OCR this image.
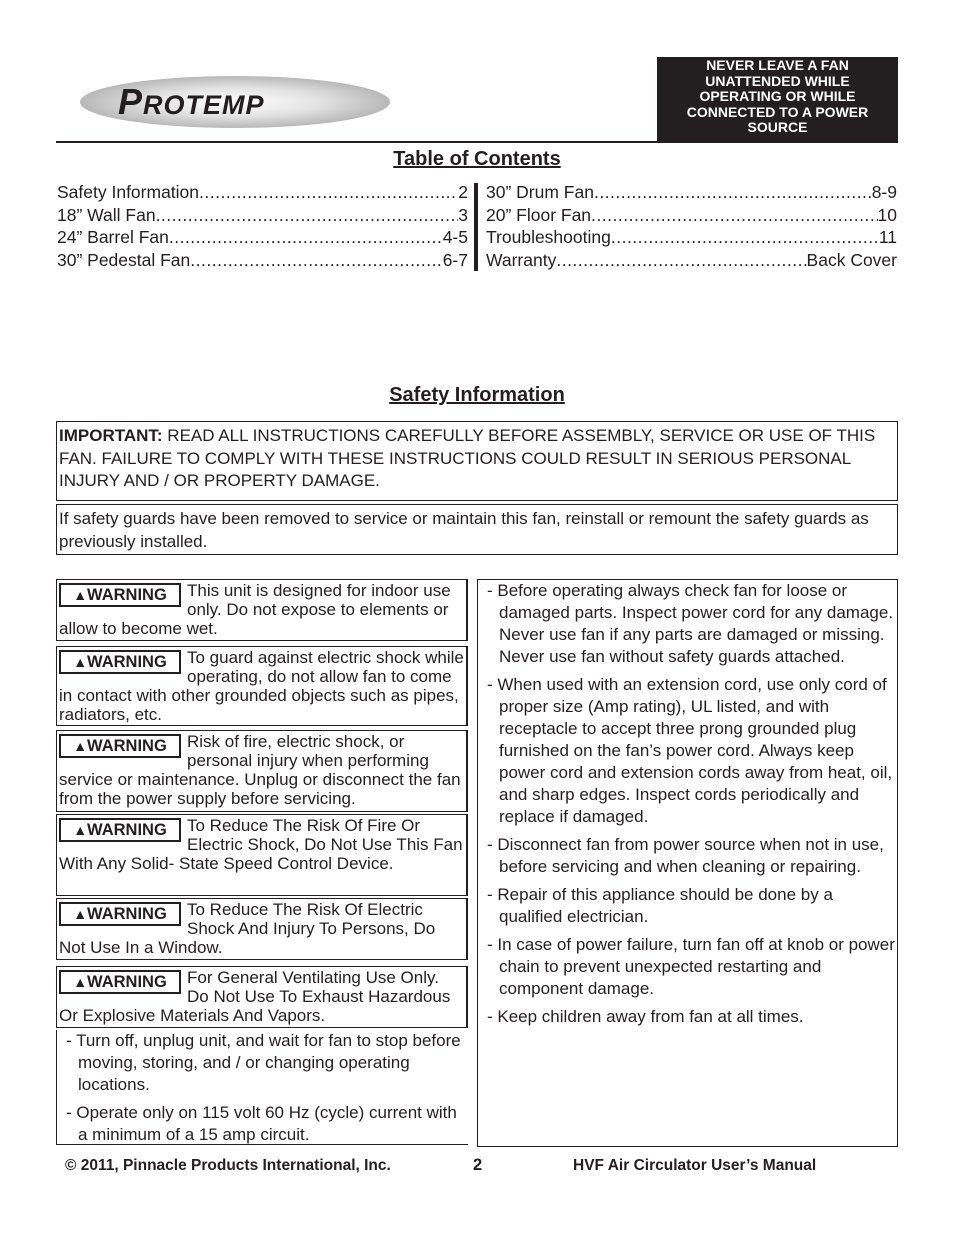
PROTEMP
NEVER LEAVE A FAN
UNATTENDED WHILE
OPERATING OR WHILE
CONNECTED TO A POWER
SOURCE
Table of Contents
Safety Information .....	2
18” Wall Fan .....	3
24” Barrel Fan .....	4-5
30” Pedestal Fan .....	6-7
30” Drum Fan .....	8-9
20” Floor Fan .....	10
Troubleshooting .....	11
Warranty .....	Back Cover
Safety Information
IMPORTANT: READ ALL INSTRUCTIONS CAREFULLY BEFORE ASSEMBLY, SERVICE OR USE OF THIS FAN. FAILURE TO COMPLY WITH THESE INSTRUCTIONS COULD RESULT IN SERIOUS PERSONAL INJURY AND / OR PROPERTY DAMAGE.
If safety guards have been removed to service or maintain this fan, reinstall or remount the safety guards as previously installed.
▲WARNING	This unit is designed for indoor use only. Do not expose to elements or allow to become wet.
▲WARNING	To guard against electric shock while operating, do not allow fan to come in contact with other grounded objects such as pipes, radiators, etc.
▲WARNING	Risk of fire, electric shock, or personal injury when performing service or maintenance. Unplug or disconnect the fan from the power supply before servicing.
▲WARNING	To Reduce The Risk Of Fire Or Electric Shock, Do Not Use This Fan With Any Solid- State Speed Control Device.
▲WARNING	To Reduce The Risk Of Electric Shock And Injury To Persons, Do Not Use In a Window.
▲WARNING	For General Ventilating Use Only. Do Not Use To Exhaust Hazardous Or Explosive Materials And Vapors.
- Turn off, unplug unit, and wait for fan to stop before moving, storing, and / or changing operating locations.
- Operate only on 115 volt 60 Hz (cycle) current with a minimum of a 15 amp circuit.
- Before operating always check fan for loose or damaged parts. Inspect power cord for any damage. Never use fan if any parts are damaged or missing. Never use fan without safety guards attached.
- When used with an extension cord, use only cord of proper size (Amp rating), UL listed, and with receptacle to accept three prong grounded plug furnished on the fan’s power cord. Always keep power cord and extension cords away from heat, oil, and sharp edges. Inspect cords periodically and replace if damaged.
- Disconnect fan from power source when not in use, before servicing and when cleaning or repairing.
- Repair of this appliance should be done by a qualified electrician.
- In case of power failure, turn fan off at knob or power chain to prevent unexpected restarting and component damage.
- Keep children away from fan at all times.
© 2011, Pinnacle Products International, Inc.	2	HVF Air Circulator User’s Manual
